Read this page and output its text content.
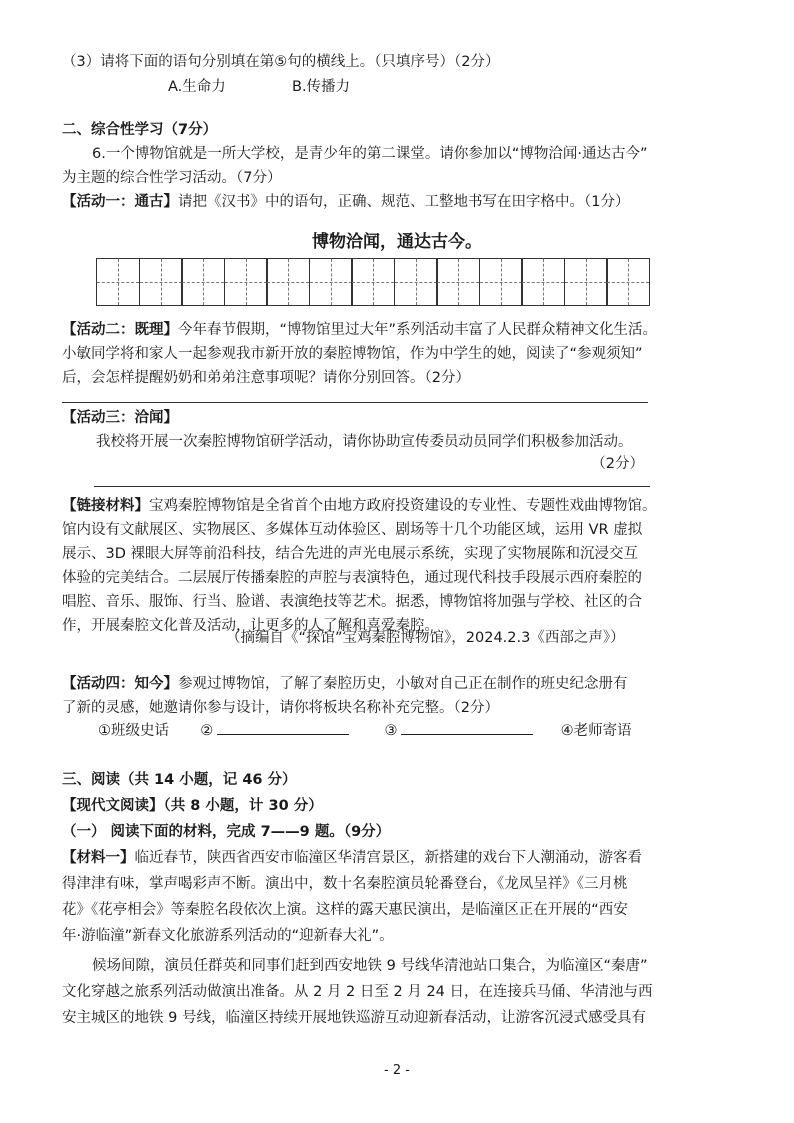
（3）请将下面的语句分别填在第⑤句的横线上。（只填序号）（2分）
A.生命力	B.传播力
二、综合性学习（7分）
6.一个博物馆就是一所大学校，是青少年的第二课堂。请你参加以“博物洽闻·通达古今”
为主题的综合性学习活动。（7分）
【活动一：通古】请把《汉书》中的语句，正确、规范、工整地书写在田字格中。（1分）
博物洽闻，通达古今。
【活动二：既理】今年春节假期，“博物馆里过大年”系列活动丰富了人民群众精神文化生活。
小敏同学将和家人一起参观我市新开放的秦腔博物馆，作为中学生的她，阅读了“参观须知”
后，会怎样提醒奶奶和弟弟注意事项呢？请你分别回答。（2分）
【活动三：洽闻】
我校将开展一次秦腔博物馆研学活动，请你协助宣传委员动员同学们积极参加活动。
（2分）
【链接材料】宝鸡秦腔博物馆是全省首个由地方政府投资建设的专业性、专题性戏曲博物馆。
馆内设有文献展区、实物展区、多媒体互动体验区、剧场等十几个功能区域，运用 VR 虚拟
展示、3D 裸眼大屏等前沿科技，结合先进的声光电展示系统，实现了实物展陈和沉浸交互
体验的完美结合。二层展厅传播秦腔的声腔与表演特色，通过现代科技手段展示西府秦腔的
唱腔、音乐、服饰、行当、脸谱、表演绝技等艺术。据悉，博物馆将加强与学校、社区的合
作，开展秦腔文化普及活动，让更多的人了解和喜爱秦腔。
（摘编自《“探馆”宝鸡秦腔博物馆》，2024.2.3《西部之声》）
【活动四：知今】参观过博物馆，了解了秦腔历史，小敏对自己正在制作的班史纪念册有
了新的灵感，她邀请你参与设计，请你将板块名称补充完整。（2分）
①班级史话 ②	③	④老师寄语
三、阅读（共 14 小题，记 46 分）
【现代文阅读】（共 8 小题，计 30 分）
（一） 阅读下面的材料，完成 7——9 题。（9分）
【材料一】临近春节，陕西省西安市临潼区华清宫景区，新搭建的戏台下人潮涌动，游客看
得津津有味，掌声喝彩声不断。演出中，数十名秦腔演员轮番登台，《龙凤呈祥》《三月桃
花》《花亭相会》等秦腔名段依次上演。这样的露天惠民演出，是临潼区正在开展的“西安
年·游临潼”新春文化旅游系列活动的“迎新春大礼”。
候场间隙，演员任群英和同事们赶到西安地铁 9 号线华清池站口集合，为临潼区“秦唐”
文化穿越之旅系列活动做演出准备。从 2 月 2 日至 2 月 24 日，在连接兵马俑、华清池与西
安主城区的地铁 9 号线，临潼区持续开展地铁巡游互动迎新春活动，让游客沉浸式感受具有
- 2 -
